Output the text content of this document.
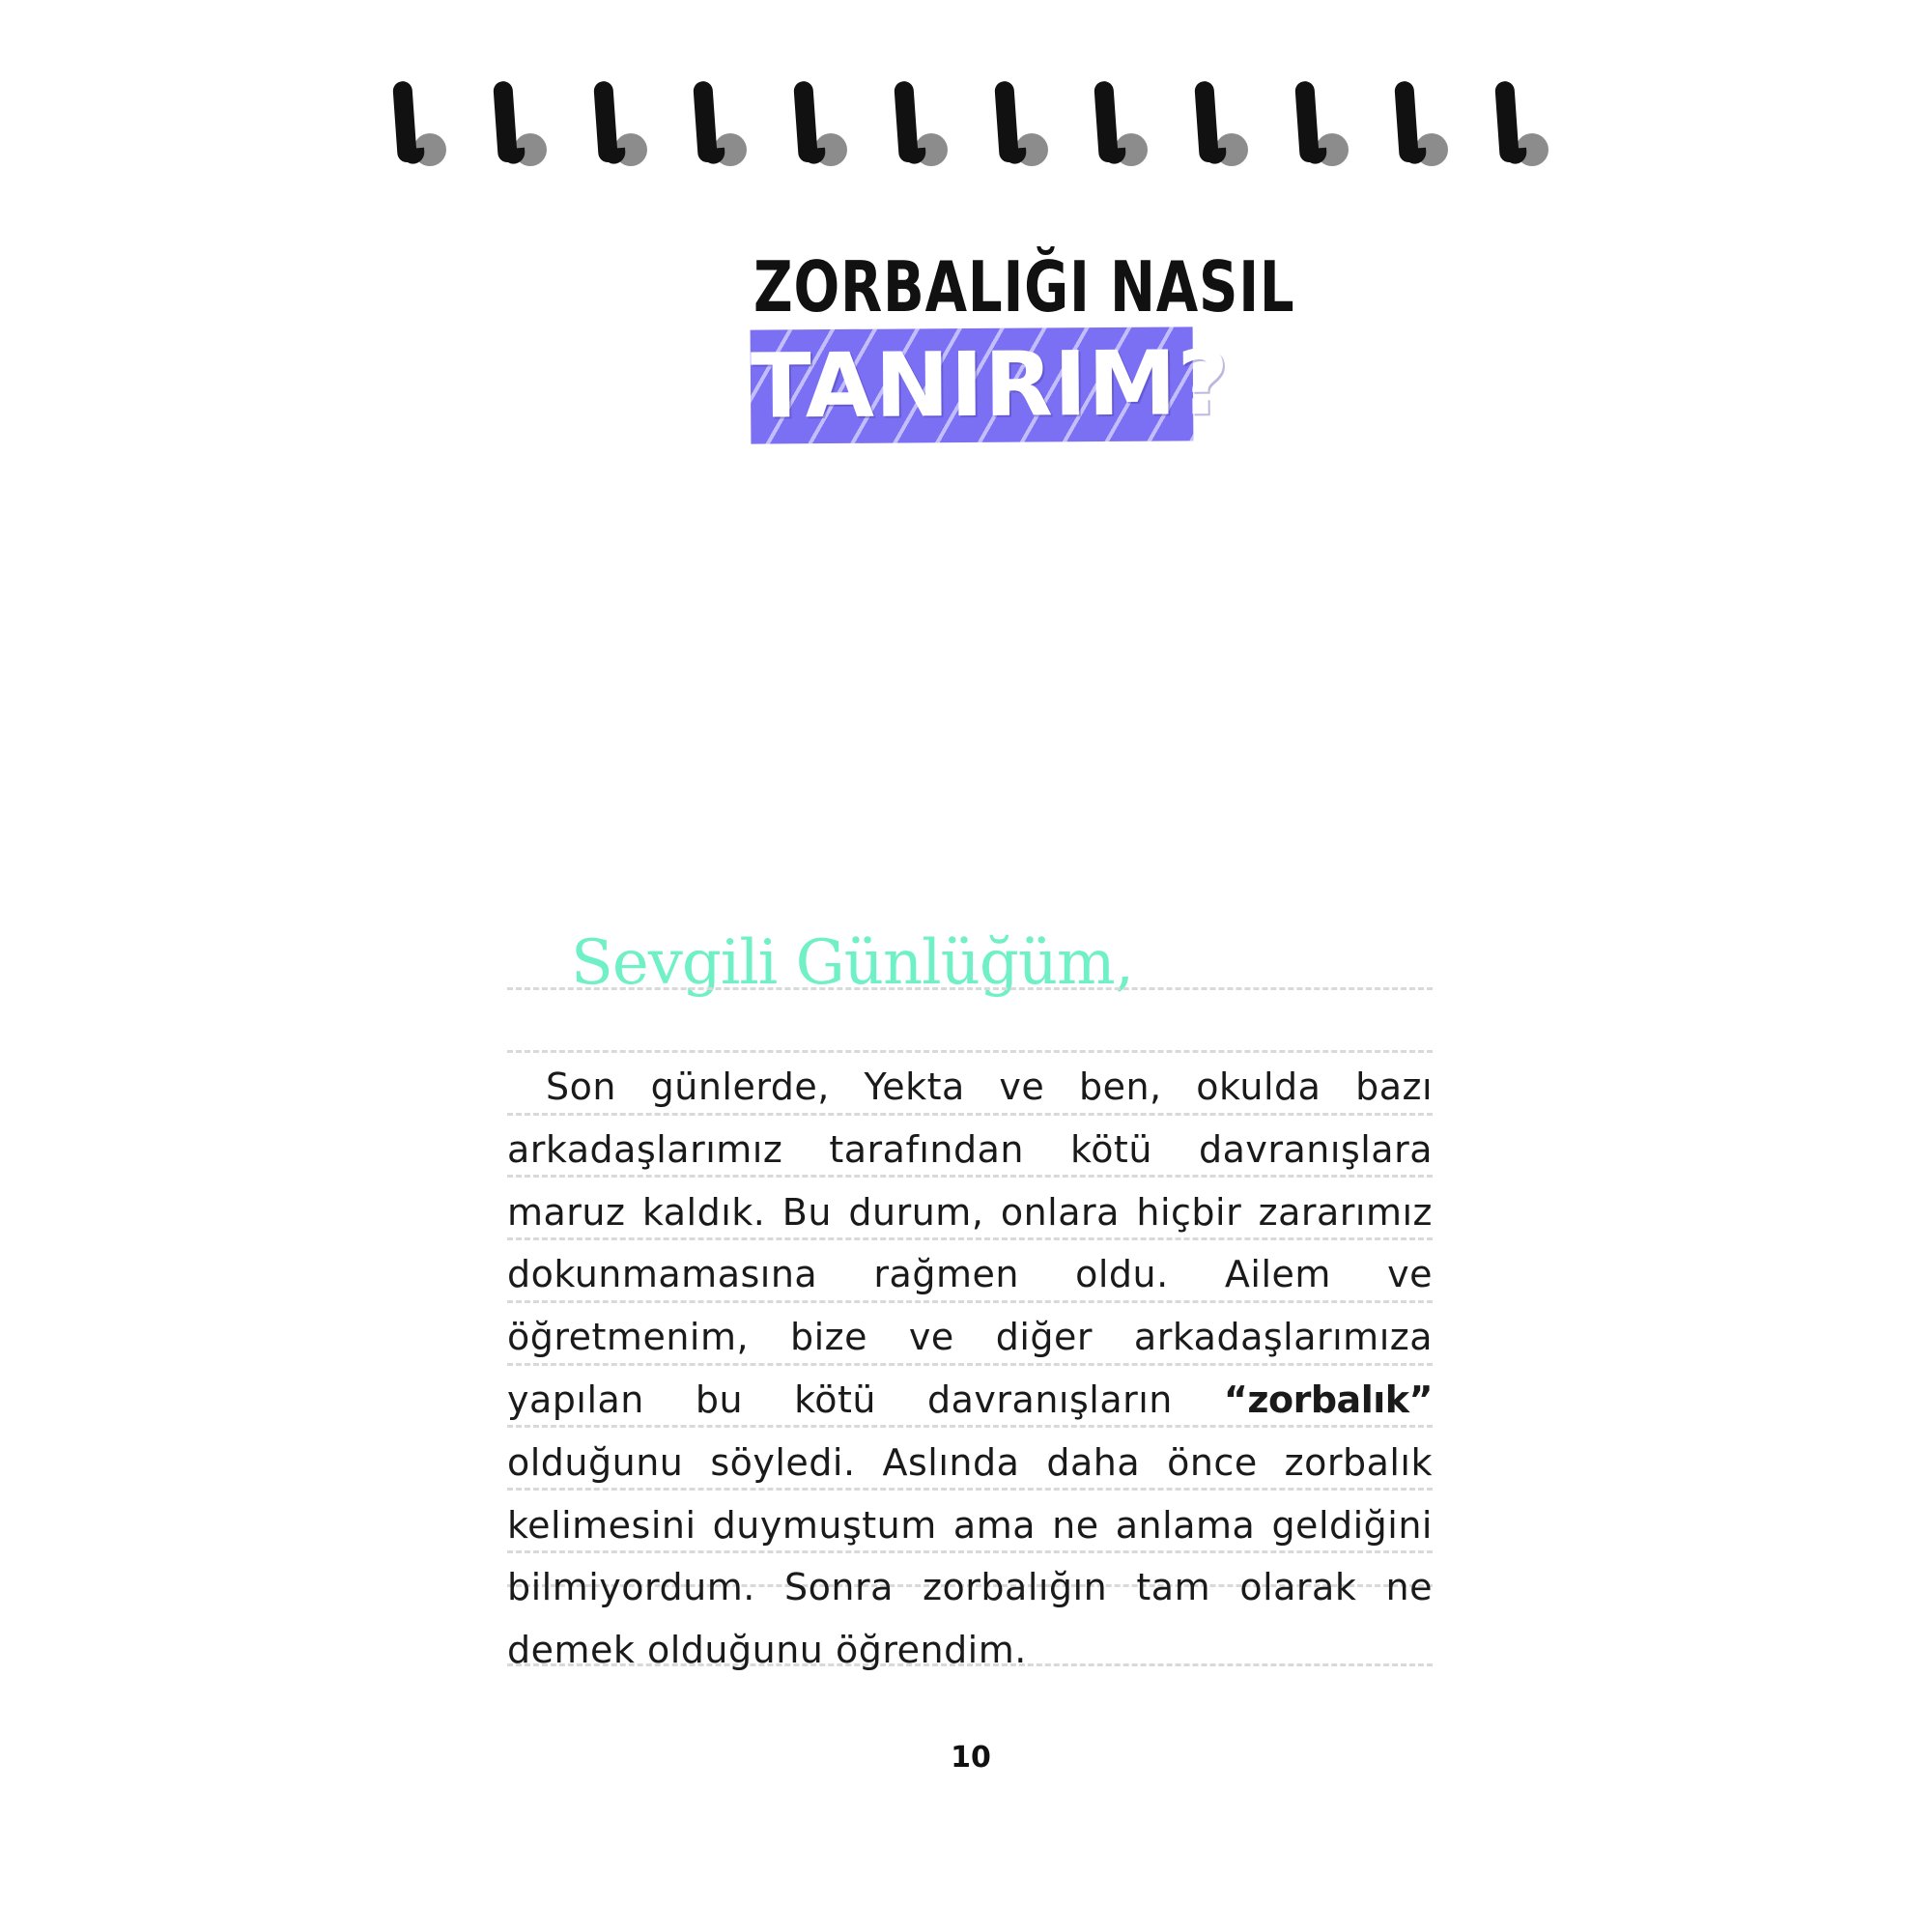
ZORBALIĞI NASIL
TANIRIM?
Sevgili Günlüğüm,

Son günlerde, Yekta ve ben, okulda bazı arkadaşlarımız tarafından kötü davranışlara maruz kaldık. Bu durum, onlara hiçbir zararımız dokunmamasına rağmen oldu. Ailem ve öğretmenim, bize ve diğer arkadaşlarımıza yapılan bu kötü davranışların “zorbalık” olduğunu söyledi. Aslında daha önce zorbalık kelimesini duymuştum ama ne anlama geldiğini bilmiyordum. Sonra zorbalığın tam olarak ne demek olduğunu öğrendim.

10
